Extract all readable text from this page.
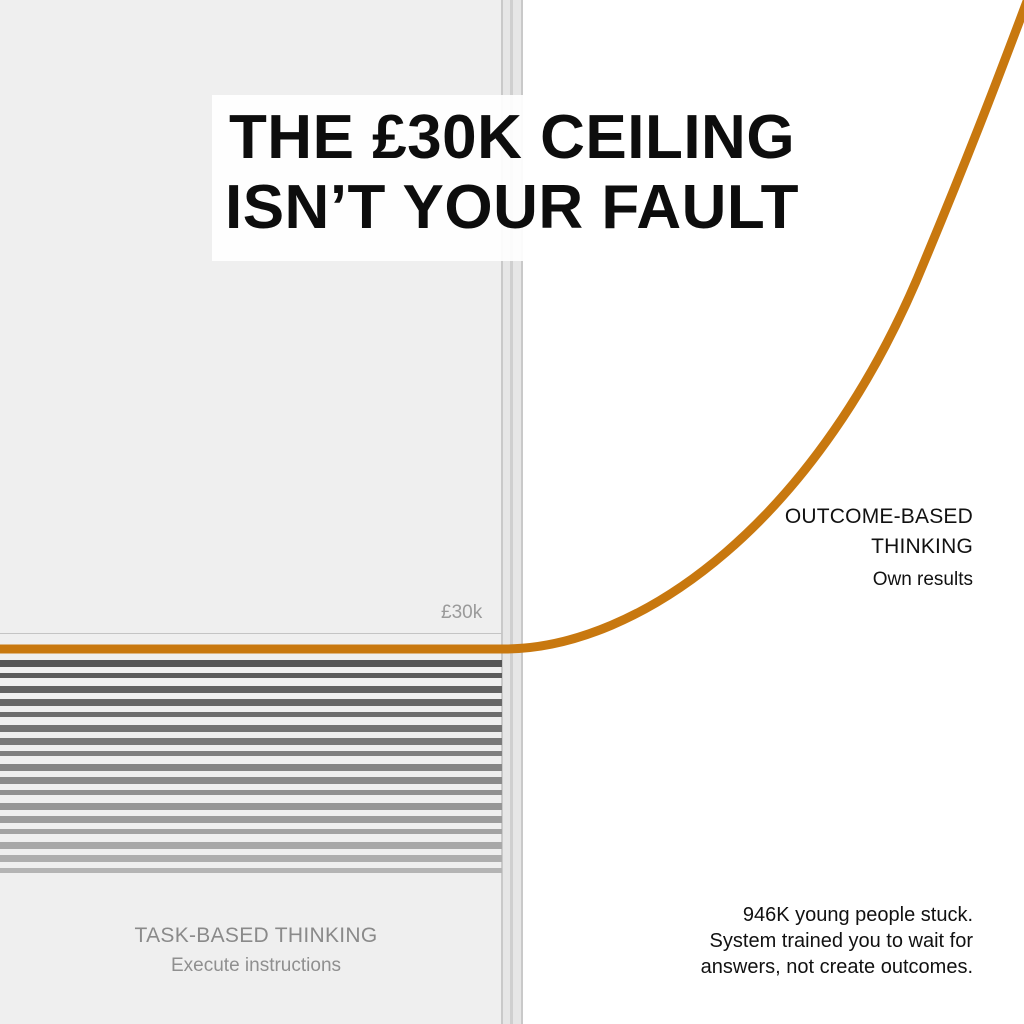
£30k
THE £30K CEILING
ISN’T YOUR FAULT
OUTCOME-BASED
THINKING
Own results
TASK-BASED THINKING
Execute instructions
946K young people stuck.
System trained you to wait for
answers, not create outcomes.
